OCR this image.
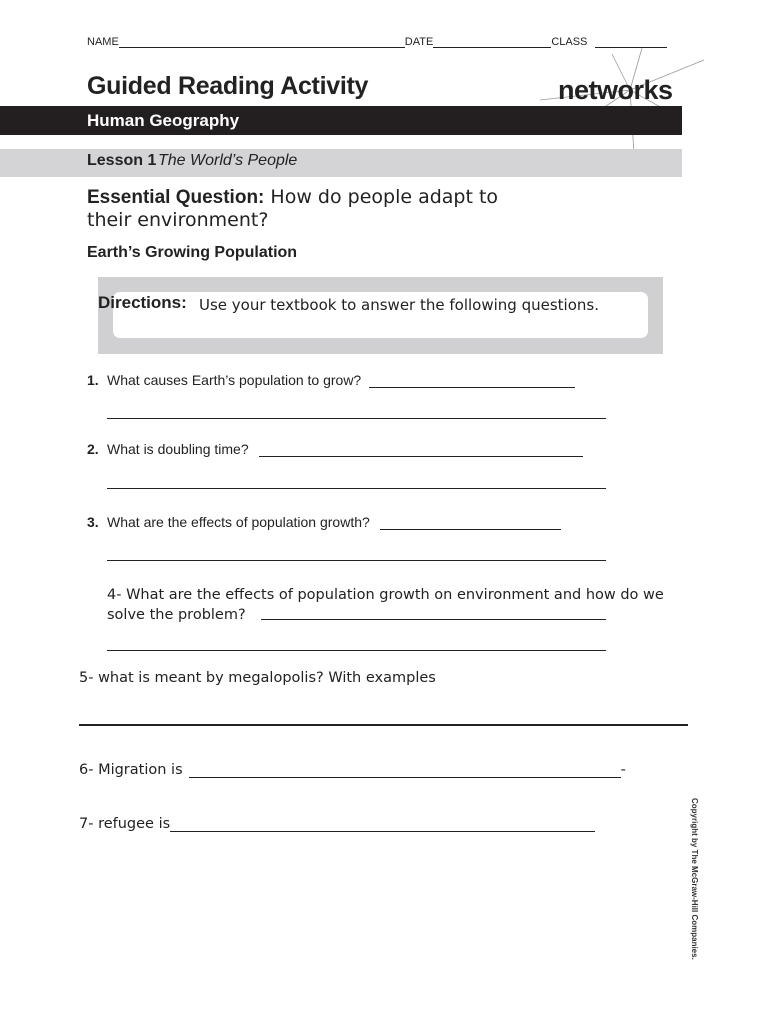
NAME	DATE	CLASS
Guided Reading Activity	networks
Human Geography
Lesson 1 The World’s People
Essential Question: How do people adapt to their environment?
Earth’s Growing Population
Directions: Use your textbook to answer the following questions.
1. What causes Earth’s population to grow?
2. What is doubling time?
3. What are the effects of population growth?
4- What are the effects of population growth on environment and how do we solve the problem?
5- what is meant by megalopolis? With examples
6- Migration is	-
7- refugee is	Copyright by The McGraw-Hill Companies.
